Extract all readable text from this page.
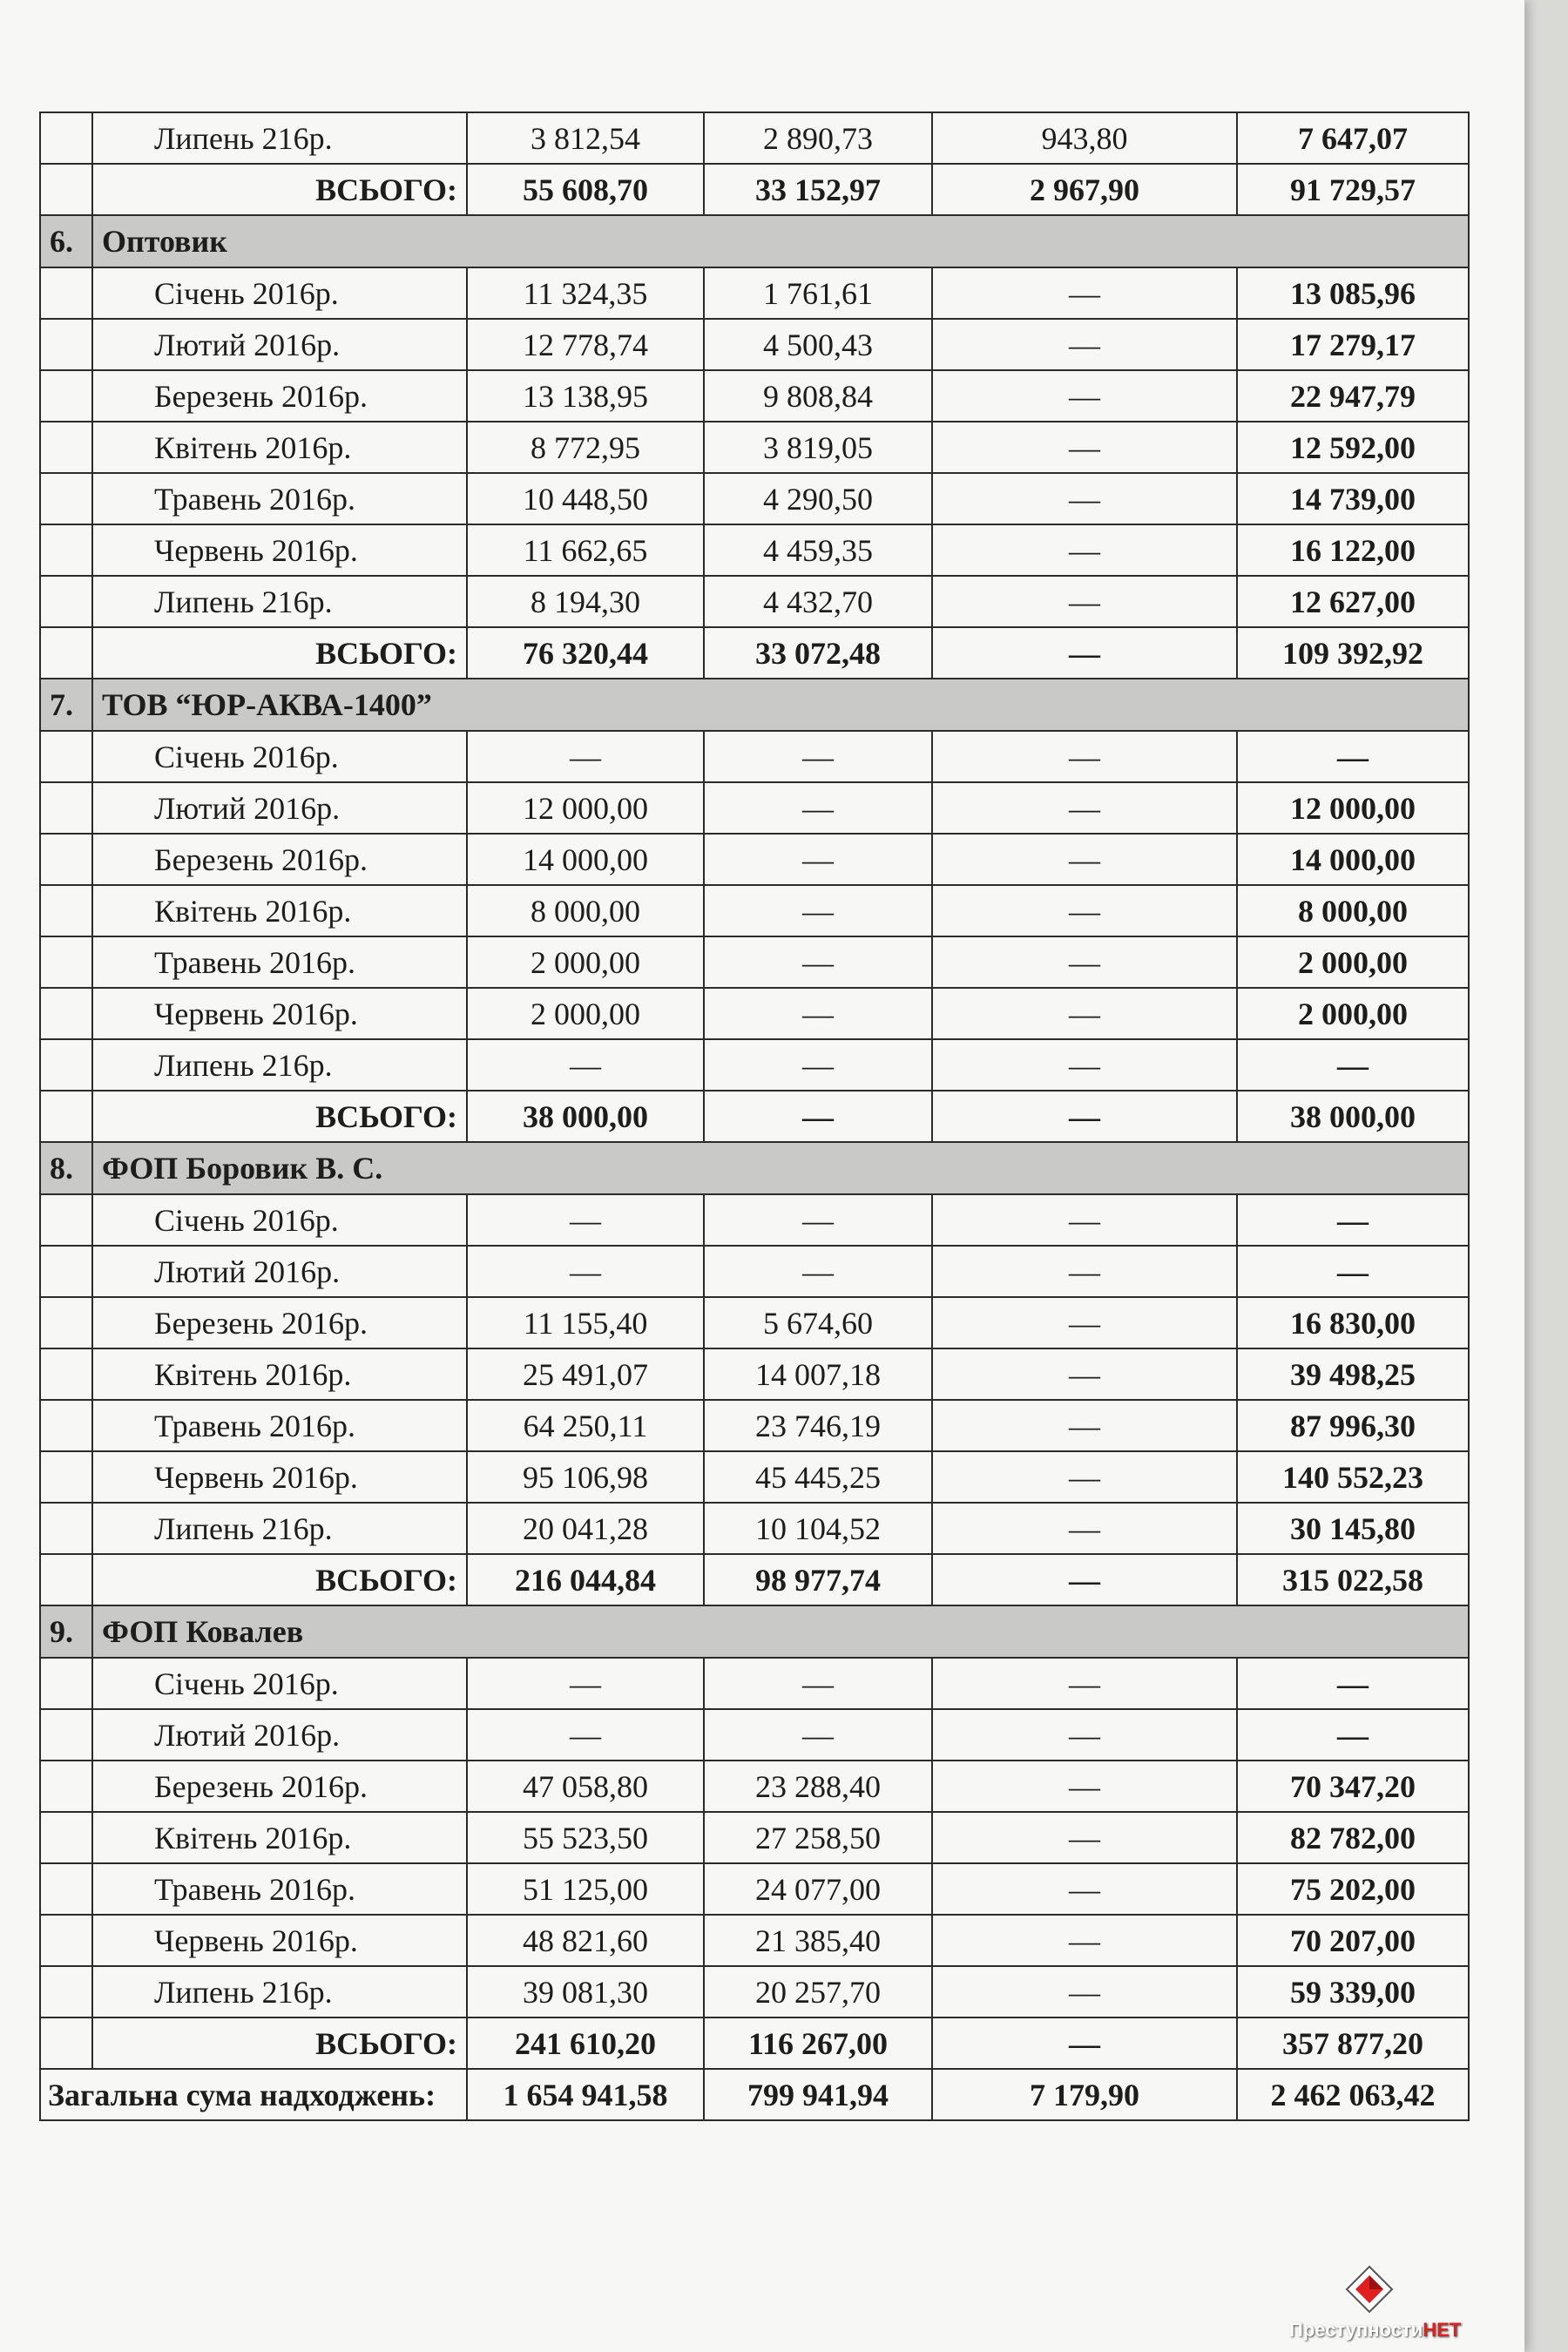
	Липень 216р.	3 812,54	2 890,73	943,80	7 647,07
	ВСЬОГО:	55 608,70	33 152,97	2 967,90	91 729,57
6.	Оптовик				
	Січень 2016р.	11 324,35	1 761,61	—	13 085,96
	Лютий 2016р.	12 778,74	4 500,43	—	17 279,17
	Березень 2016р.	13 138,95	9 808,84	—	22 947,79
	Квітень 2016р.	8 772,95	3 819,05	—	12 592,00
	Травень 2016р.	10 448,50	4 290,50	—	14 739,00
	Червень 2016р.	11 662,65	4 459,35	—	16 122,00
	Липень 216р.	8 194,30	4 432,70	—	12 627,00
	ВСЬОГО:	76 320,44	33 072,48	—	109 392,92
7.	ТОВ “ЮР-АКВА-1400”				
	Січень 2016р.	—	—	—	—
	Лютий 2016р.	12 000,00	—	—	12 000,00
	Березень 2016р.	14 000,00	—	—	14 000,00
	Квітень 2016р.	8 000,00	—	—	8 000,00
	Травень 2016р.	2 000,00	—	—	2 000,00
	Червень 2016р.	2 000,00	—	—	2 000,00
	Липень 216р.	—	—	—	—
	ВСЬОГО:	38 000,00	—	—	38 000,00
8.	ФОП Боровик В. С.				
	Січень 2016р.	—	—	—	—
	Лютий 2016р.	—	—	—	—
	Березень 2016р.	11 155,40	5 674,60	—	16 830,00
	Квітень 2016р.	25 491,07	14 007,18	—	39 498,25
	Травень 2016р.	64 250,11	23 746,19	—	87 996,30
	Червень 2016р.	95 106,98	45 445,25	—	140 552,23
	Липень 216р.	20 041,28	10 104,52	—	30 145,80
	ВСЬОГО:	216 044,84	98 977,74	—	315 022,58
9.	ФОП Ковалев				
	Січень 2016р.	—	—	—	—
	Лютий 2016р.	—	—	—	—
	Березень 2016р.	47 058,80	23 288,40	—	70 347,20
	Квітень 2016р.	55 523,50	27 258,50	—	82 782,00
	Травень 2016р.	51 125,00	24 077,00	—	75 202,00
	Червень 2016р.	48 821,60	21 385,40	—	70 207,00
	Липень 216р.	39 081,30	20 257,70	—	59 339,00
	ВСЬОГО:	241 610,20	116 267,00	—	357 877,20
Загальна сума надходжень:		1 654 941,58	799 941,94	7 179,90	2 462 063,42
ПреступностиНЕТ
